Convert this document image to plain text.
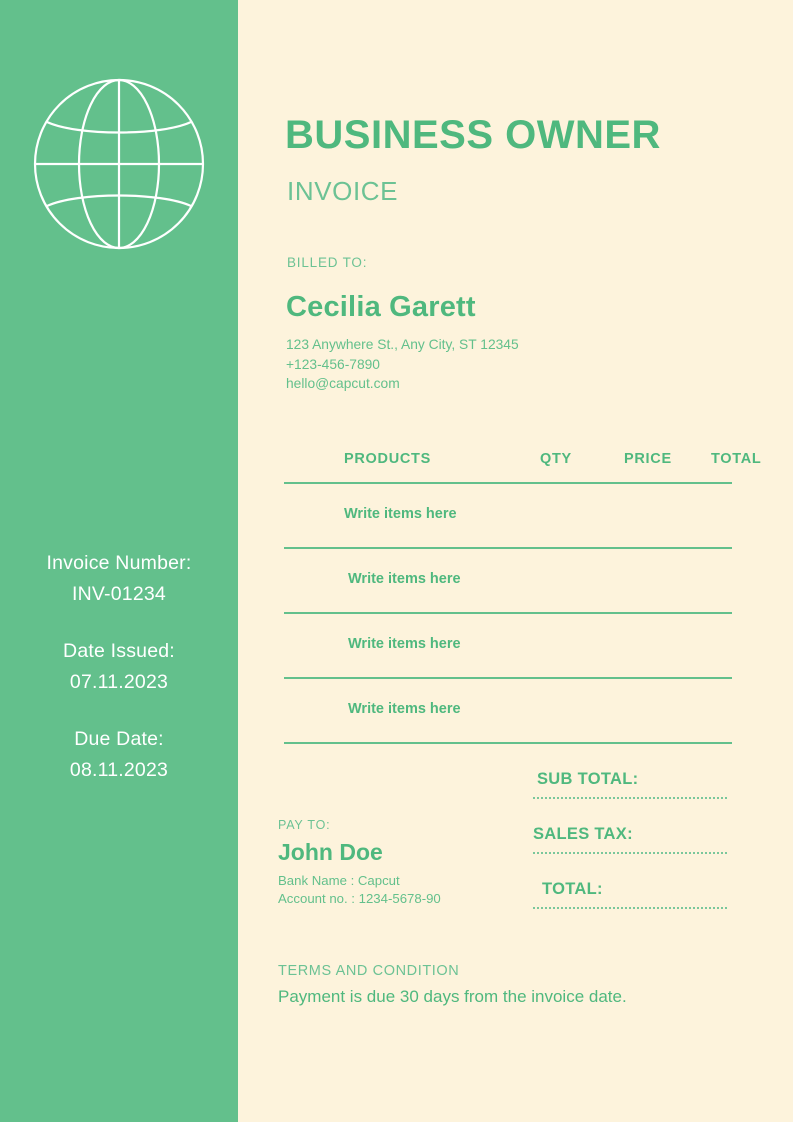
Invoice Number:
INV-01234
Date Issued:
07.11.2023
Due Date:
08.11.2023
BUSINESS OWNER
INVOICE
BILLED TO:
Cecilia Garett
123 Anywhere St., Any City, ST 12345
+123-456-7890
hello@capcut.com
PRODUCTS	QTY	PRICE	TOTAL
Write items here
Write items here
Write items here
Write items here
SUB TOTAL:
SALES TAX:
TOTAL:
PAY TO:
John Doe
Bank Name : Capcut
Account no. : 1234-5678-90
TERMS AND CONDITION
Payment is due 30 days from the invoice date.
